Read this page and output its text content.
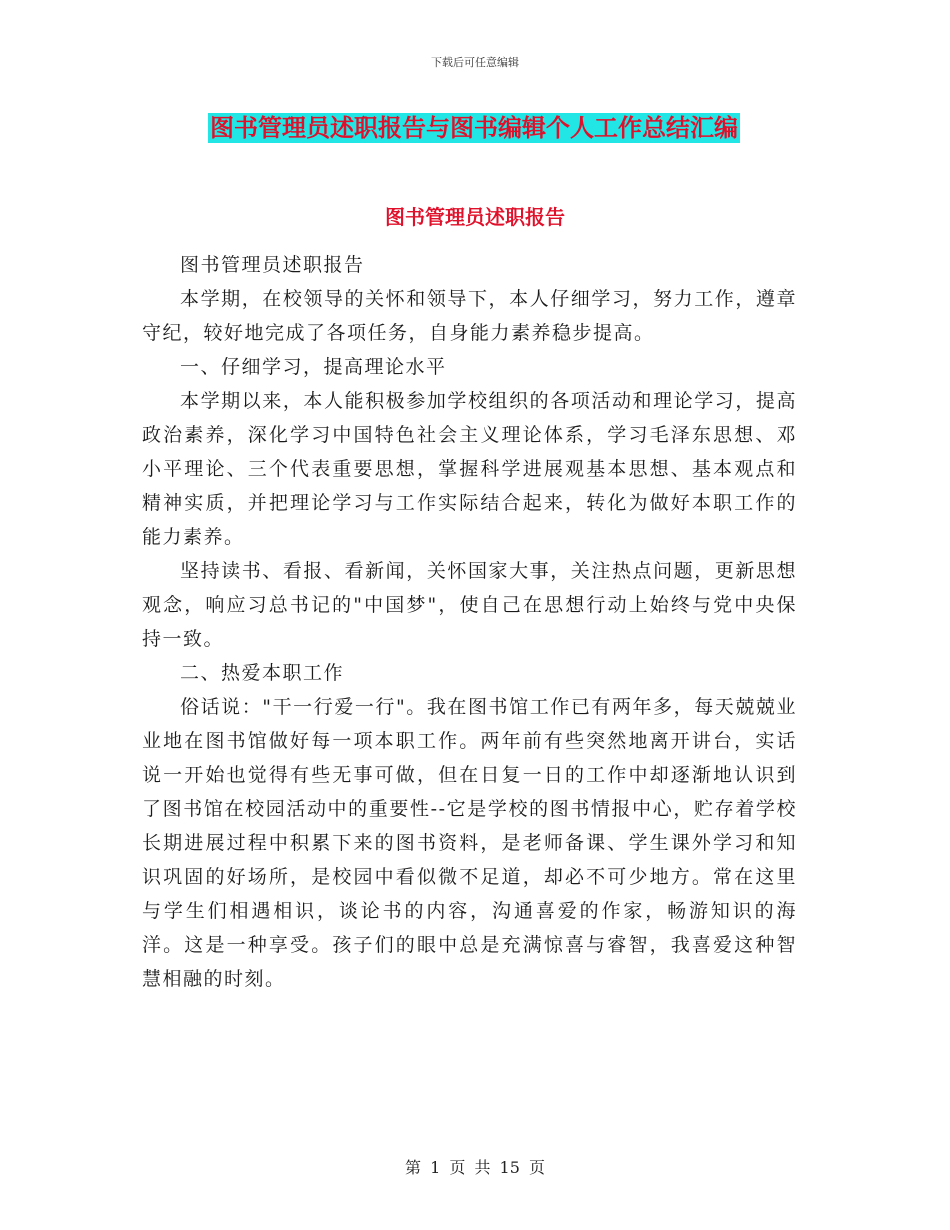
下载后可任意编辑
图书管理员述职报告与图书编辑个人工作总结汇编
图书管理员述职报告

图书管理员述职报告

本学期，在校领导的关怀和领导下，本人仔细学习，努力工作，遵章守纪，较好地完成了各项任务，自身能力素养稳步提高。

一、仔细学习，提高理论水平

本学期以来，本人能积极参加学校组织的各项活动和理论学习，提高政治素养，深化学习中国特色社会主义理论体系，学习毛泽东思想、邓小平理论、三个代表重要思想，掌握科学进展观基本思想、基本观点和精神实质，并把理论学习与工作实际结合起来，转化为做好本职工作的能力素养。

坚持读书、看报、看新闻，关怀国家大事，关注热点问题，更新思想观念，响应习总书记的"中国梦"，使自己在思想行动上始终与党中央保持一致。

二、热爱本职工作

俗话说："干一行爱一行"。我在图书馆工作已有两年多，每天兢兢业业地在图书馆做好每一项本职工作。两年前有些突然地离开讲台，实话说一开始也觉得有些无事可做，但在日复一日的工作中却逐渐地认识到了图书馆在校园活动中的重要性--它是学校的图书情报中心，贮存着学校长期进展过程中积累下来的图书资料，是老师备课、学生课外学习和知识巩固的好场所，是校园中看似微不足道，却必不可少地方。常在这里与学生们相遇相识，谈论书的内容，沟通喜爱的作家，畅游知识的海洋。这是一种享受。孩子们的眼中总是充满惊喜与睿智，我喜爱这种智慧相融的时刻。

第 1 页 共 15 页
